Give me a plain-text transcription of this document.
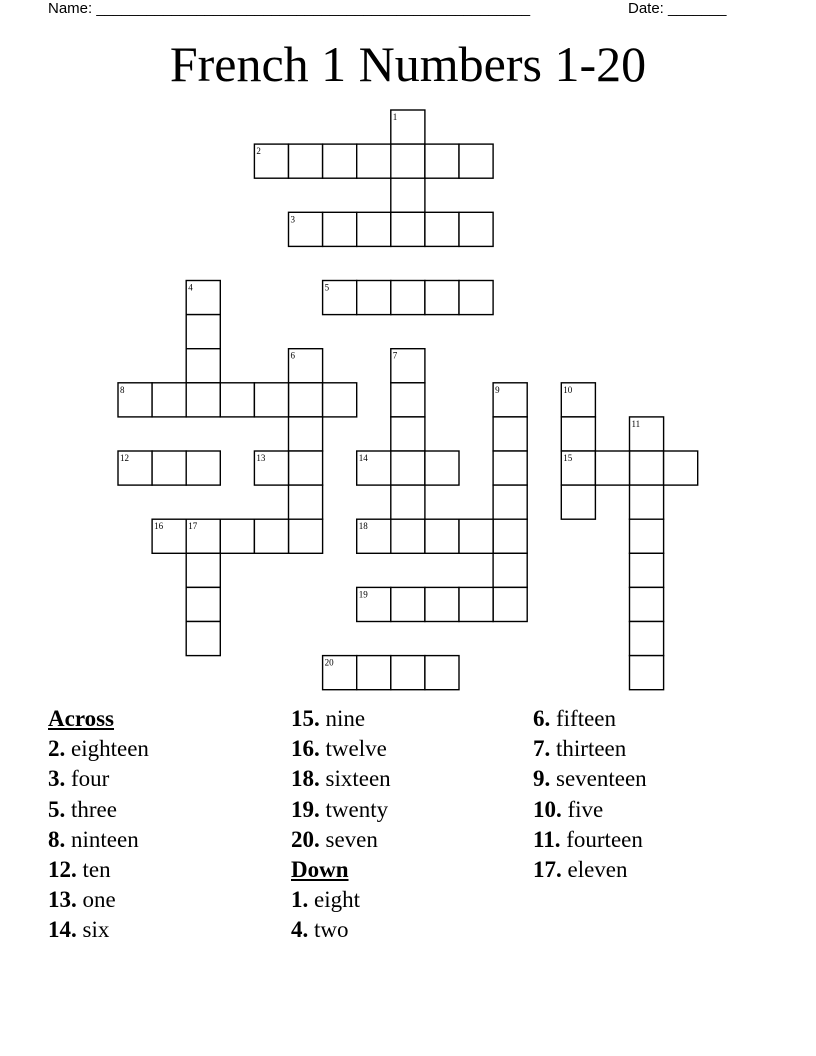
Name: ____________________________________________________	Date: _______
French 1 Numbers 1-20
1
2
3
4	5
6	7
8	9	10
11
12	13	14	15
16	17	18
19
20
Across
2. eighteen
3. four
5. three
8. ninteen
12. ten
13. one
14. six
15. nine
16. twelve
18. sixteen
19. twenty
20. seven
Down
1. eight
4. two
6. fifteen
7. thirteen
9. seventeen
10. five
11. fourteen
17. eleven
